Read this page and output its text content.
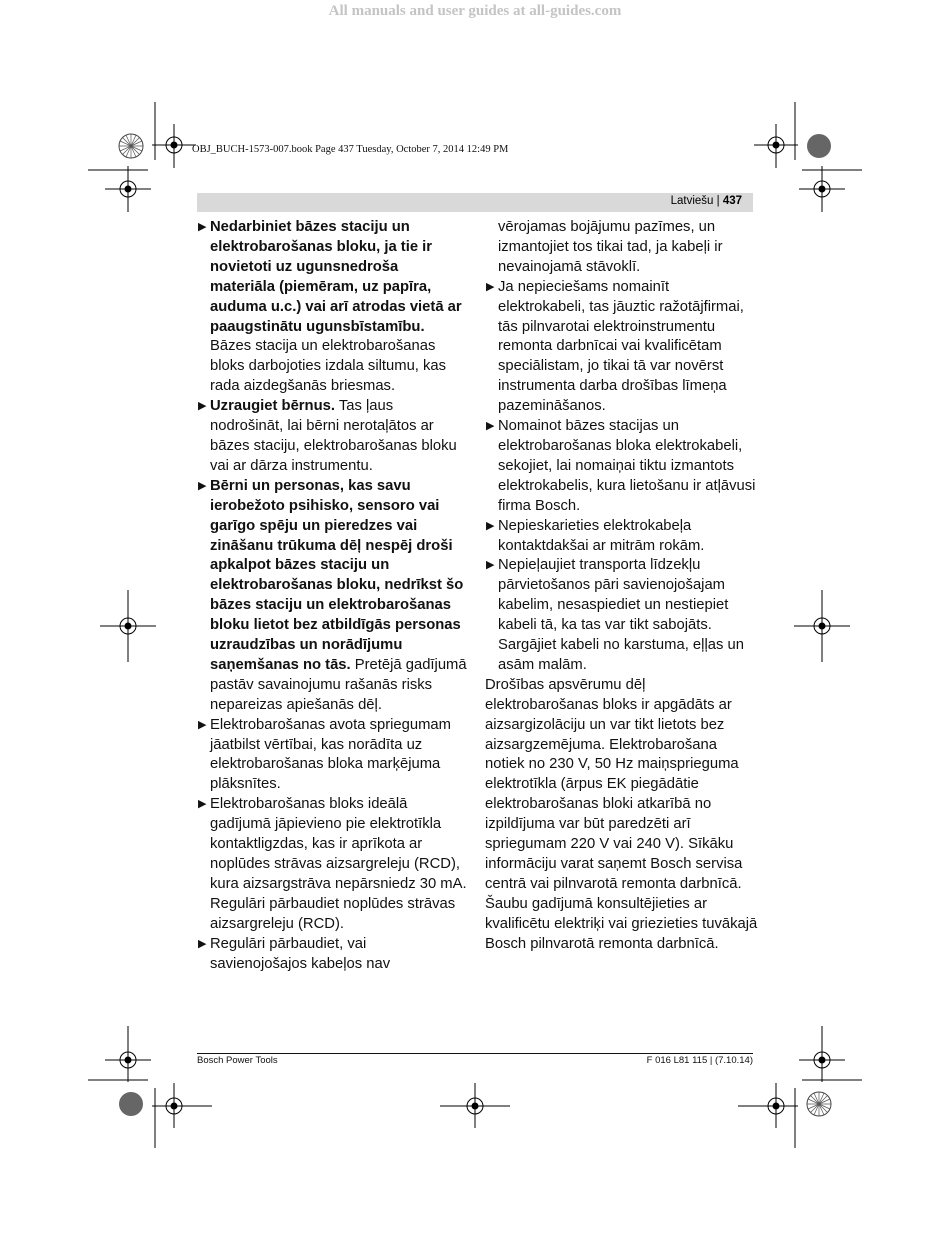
All manuals and user guides at all-guides.com
OBJ_BUCH-1573-007.book Page 437 Tuesday, October 7, 2014 12:49 PM
Latviešu | 437

▶ Nedarbiniet bāzes staciju un elektrobarošanas bloku, ja tie ir novietoti uz ugunsnedroša materiāla (piemēram, uz papīra, auduma u.c.) vai arī atrodas vietā ar paaugstinātu ugunsbīstamību. Bāzes stacija un elektrobarošanas bloks darbojoties izdala siltumu, kas rada aizdegšanās briesmas.

▶ Uzraugiet bērnus. Tas ļaus nodrošināt, lai bērni nerotaļātos ar bāzes staciju, elektrobarošanas bloku vai ar dārza instrumentu.

▶ Bērni un personas, kas savu ierobežoto psihisko, sensoro vai garīgo spēju un pieredzes vai zināšanu trūkuma dēļ nespēj droši apkalpot bāzes staciju un elektrobarošanas bloku, nedrīkst šo bāzes staciju un elektrobarošanas bloku lietot bez atbildīgās personas uzraudzības un norādījumu saņemšanas no tās. Pretējā gadījumā pastāv savainojumu rašanās risks nepareizas apiešanās dēļ.

▶ Elektrobarošanas avota spriegumam jāatbilst vērtībai, kas norādīta uz elektrobarošanas bloka marķējuma plāksnītes.

▶ Elektrobarošanas bloks ideālā gadījumā jāpievieno pie elektrotīkla kontaktligzdas, kas ir aprīkota ar noplūdes strāvas aizsargreleju (RCD), kura aizsargstrāva nepārsniedz 30 mA. Regulāri pārbaudiet noplūdes strāvas aizsargreleju (RCD).

▶ Regulāri pārbaudiet, vai savienojošajos kabeļos nav

vērojamas bojājumu pazīmes, un izmantojiet tos tikai tad, ja kabeļi ir nevainojamā stāvoklī.

▶ Ja nepieciešams nomainīt elektrokabeli, tas jāuztic ražotājfirmai, tās pilnvarotai elektroinstrumentu remonta darbnīcai vai kvalificētam speciālistam, jo tikai tā var novērst instrumenta darba drošības līmeņa pazemināšanos.

▶ Nomainot bāzes stacijas un elektrobarošanas bloka elektrokabeli, sekojiet, lai nomaiņai tiktu izmantots elektrokabelis, kura lietošanu ir atļāvusi firma Bosch.

▶ Nepieskarieties elektrokabeļa kontaktdakšai ar mitrām rokām.

▶ Nepieļaujiet transporta līdzekļu pārvietošanos pāri savienojošajam kabelim, nesaspiediet un nestiepiet kabeli tā, ka tas var tikt sabojāts. Sargājiet kabeli no karstuma, eļļas un asām malām.

Drošības apsvērumu dēļ elektrobarošanas bloks ir apgādāts ar aizsargizolāciju un var tikt lietots bez aizsargzemējuma. Elektrobarošana notiek no 230 V, 50 Hz maiņsprieguma elektrotīkla (ārpus EK piegādātie elektrobarošanas bloki atkarībā no izpildījuma var būt paredzēti arī spriegumam 220 V vai 240 V). Sīkāku informāciju varat saņemt Bosch servisa centrā vai pilnvarotā remonta darbnīcā.

Šaubu gadījumā konsultējieties ar kvalificētu elektriķi vai griezieties tuvākajā Bosch pilnvarotā remonta darbnīcā.

Bosch Power Tools	F 016 L81 115 | (7.10.14)
